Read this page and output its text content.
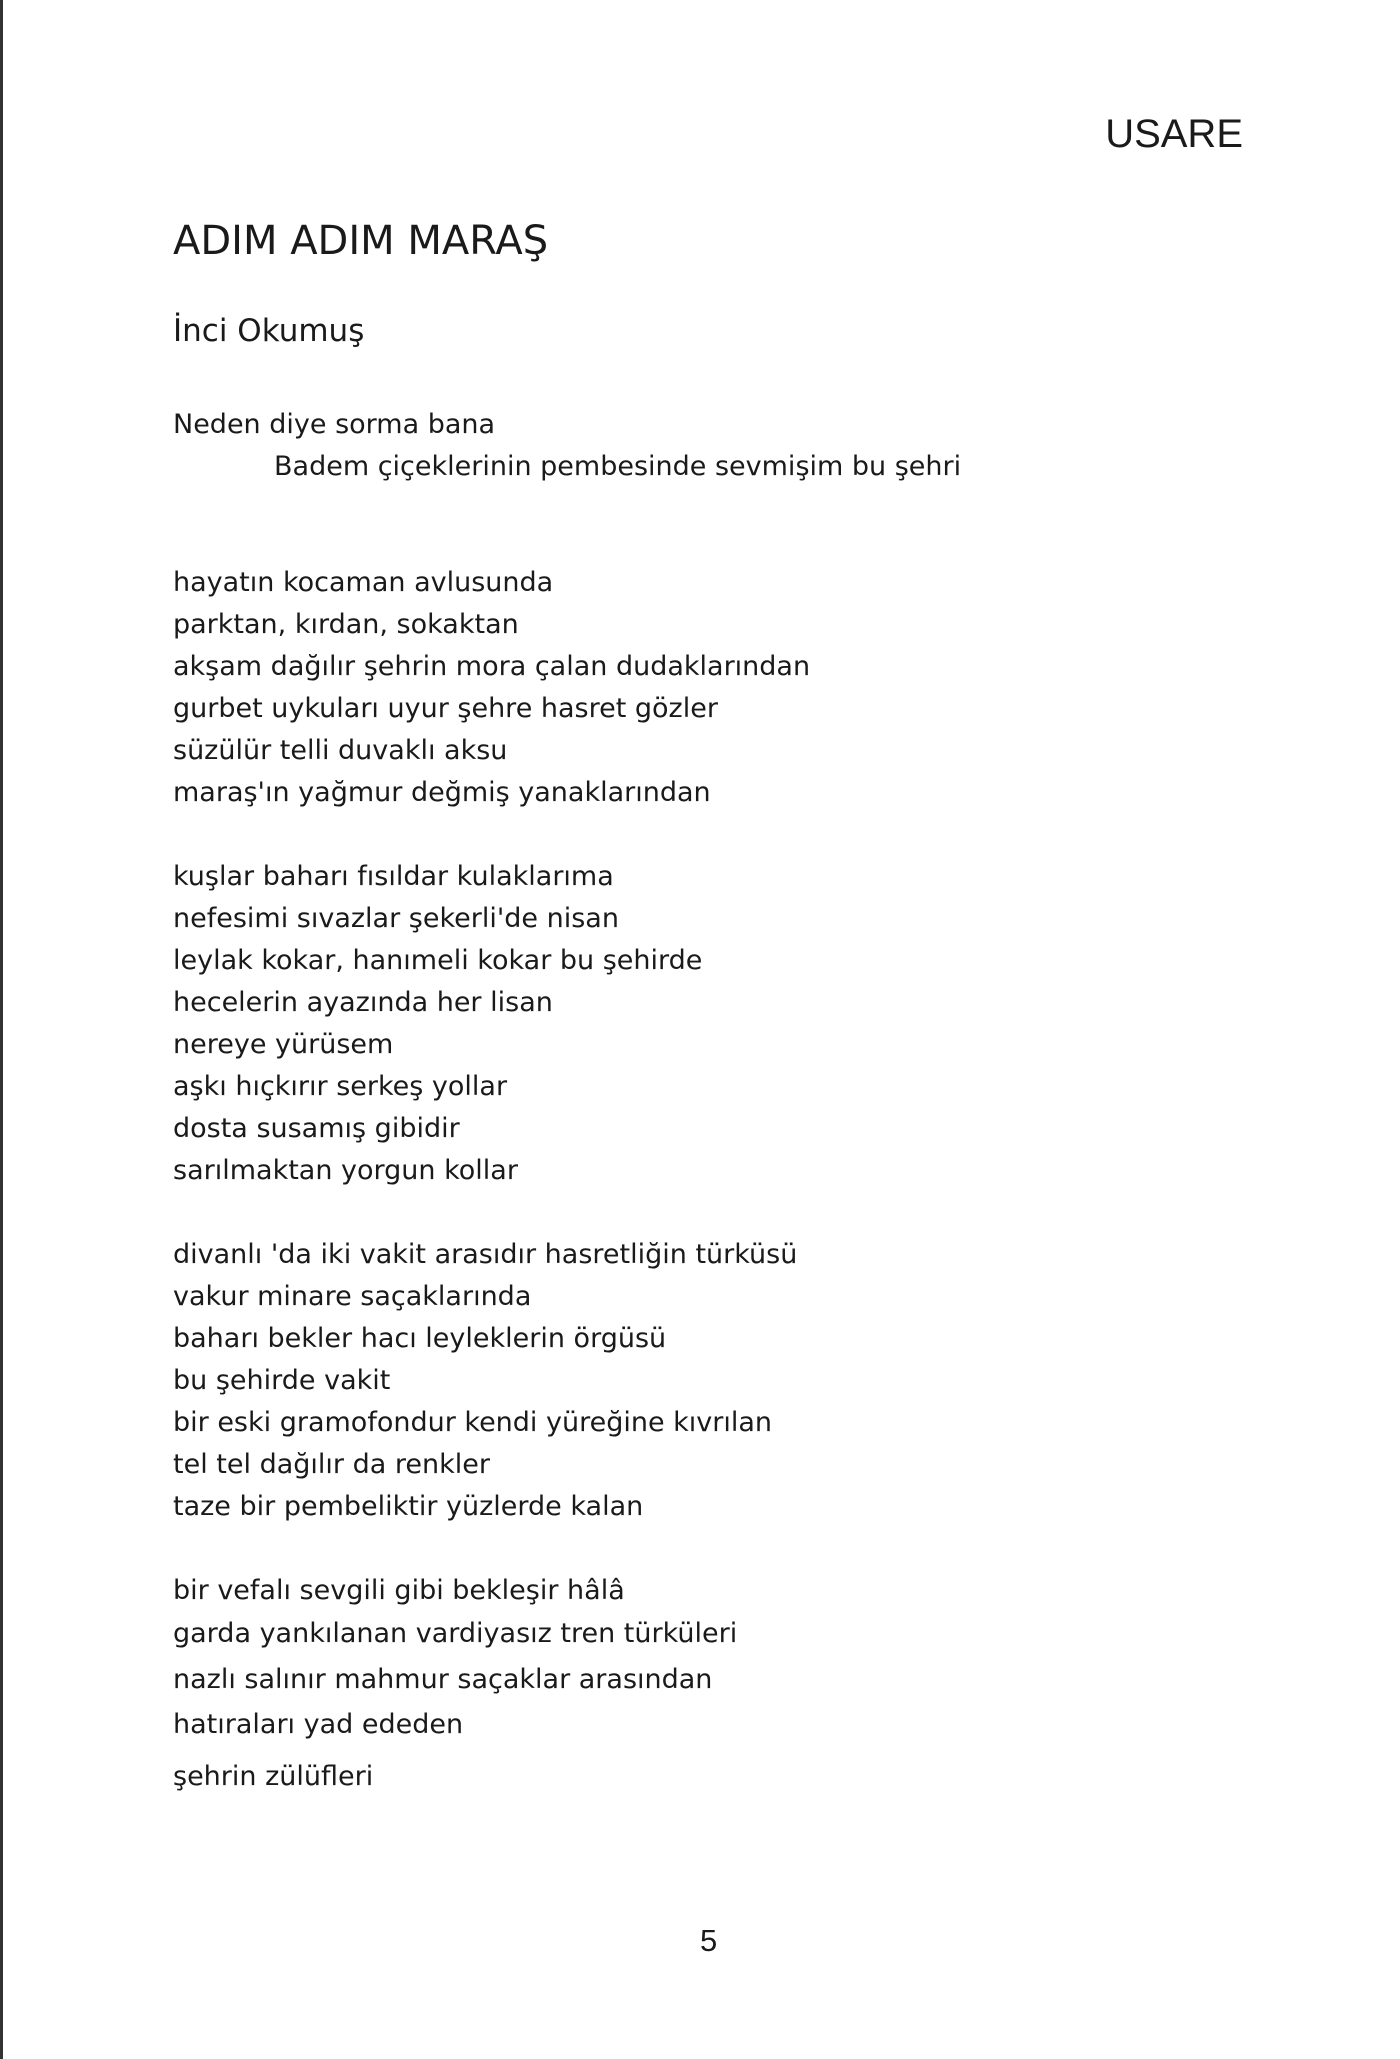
USARE
ADIM ADIM MARAŞ
İnci Okumuş
Neden diye sorma bana
Badem çiçeklerinin pembesinde sevmişim bu şehri
hayatın kocaman avlusunda
parktan, kırdan, sokaktan
akşam dağılır şehrin mora çalan dudaklarından
gurbet uykuları uyur şehre hasret gözler
süzülür telli duvaklı aksu
maraş'ın yağmur değmiş yanaklarından
kuşlar baharı fısıldar kulaklarıma
nefesimi sıvazlar şekerli'de nisan
leylak kokar, hanımeli kokar bu şehirde
hecelerin ayazında her lisan
nereye yürüsem
aşkı hıçkırır serkeş yollar
dosta susamış gibidir
sarılmaktan yorgun kollar
divanlı 'da iki vakit arasıdır hasretliğin türküsü
vakur minare saçaklarında
baharı bekler hacı leyleklerin örgüsü
bu şehirde vakit
bir eski gramofondur kendi yüreğine kıvrılan
tel tel dağılır da renkler
taze bir pembeliktir yüzlerde kalan
bir vefalı sevgili gibi bekleşir hâlâ
garda yankılanan vardiyasız tren türküleri
nazlı salınır mahmur saçaklar arasından
hatıraları yad ededen
şehrin zülüfleri
5
